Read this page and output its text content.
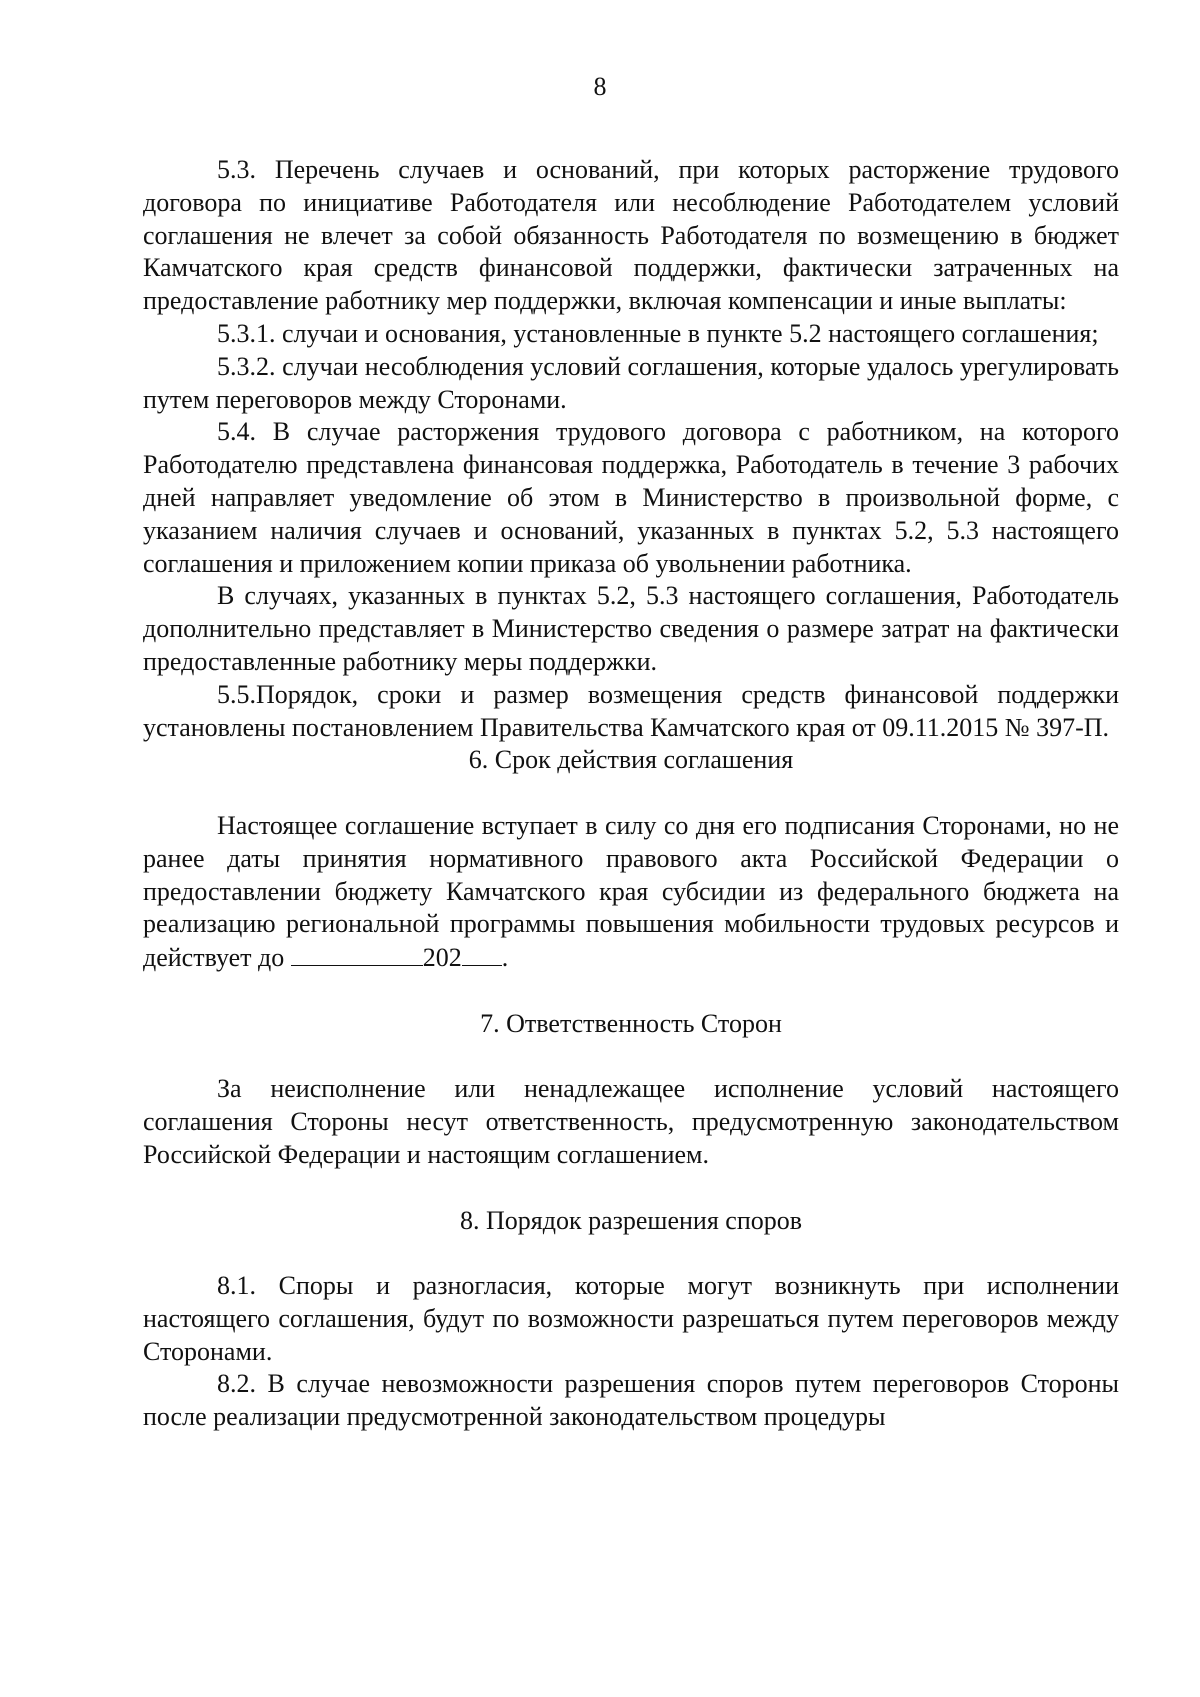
8

5.3. Перечень случаев и оснований, при которых расторжение трудового договора по инициативе Работодателя или несоблюдение Работодателем условий соглашения не влечет за собой обязанность Работодателя по возмещению в бюджет Камчатского края средств финансовой поддержки, фактически затраченных на предоставление работнику мер поддержки, включая компенсации и иные выплаты:

5.3.1. случаи и основания, установленные в пункте 5.2 настоящего соглашения;

5.3.2. случаи несоблюдения условий соглашения, которые удалось урегулировать путем переговоров между Сторонами.

5.4. В случае расторжения трудового договора с работником, на которого Работодателю представлена финансовая поддержка, Работодатель в течение 3 рабочих дней направляет уведомление об этом в Министерство в произвольной форме, с указанием наличия случаев и оснований, указанных в пунктах 5.2, 5.3 настоящего соглашения и приложением копии приказа об увольнении работника.

В случаях, указанных в пунктах 5.2, 5.3 настоящего соглашения, Работодатель дополнительно представляет в Министерство сведения о размере затрат на фактически предоставленные работнику меры поддержки.

5.5.Порядок, сроки и размер возмещения средств финансовой поддержки установлены постановлением Правительства Камчатского края от 09.11.2015 № 397-П.

6. Срок действия соглашения

Настоящее соглашение вступает в силу со дня его подписания Сторонами, но не ранее даты принятия нормативного правового акта Российской Федерации о предоставлении бюджету Камчатского края субсидии из федерального бюджета на реализацию региональной программы повышения мобильности трудовых ресурсов и действует до	202 .

7. Ответственность Сторон

За неисполнение или ненадлежащее исполнение условий настоящего соглашения Стороны несут ответственность, предусмотренную законодательством Российской Федерации и настоящим соглашением.

8. Порядок разрешения споров

8.1. Споры и разногласия, которые могут возникнуть при исполнении настоящего соглашения, будут по возможности разрешаться путем переговоров между Сторонами.

8.2. В случае невозможности разрешения споров путем переговоров Стороны после реализации предусмотренной законодательством процедуры
